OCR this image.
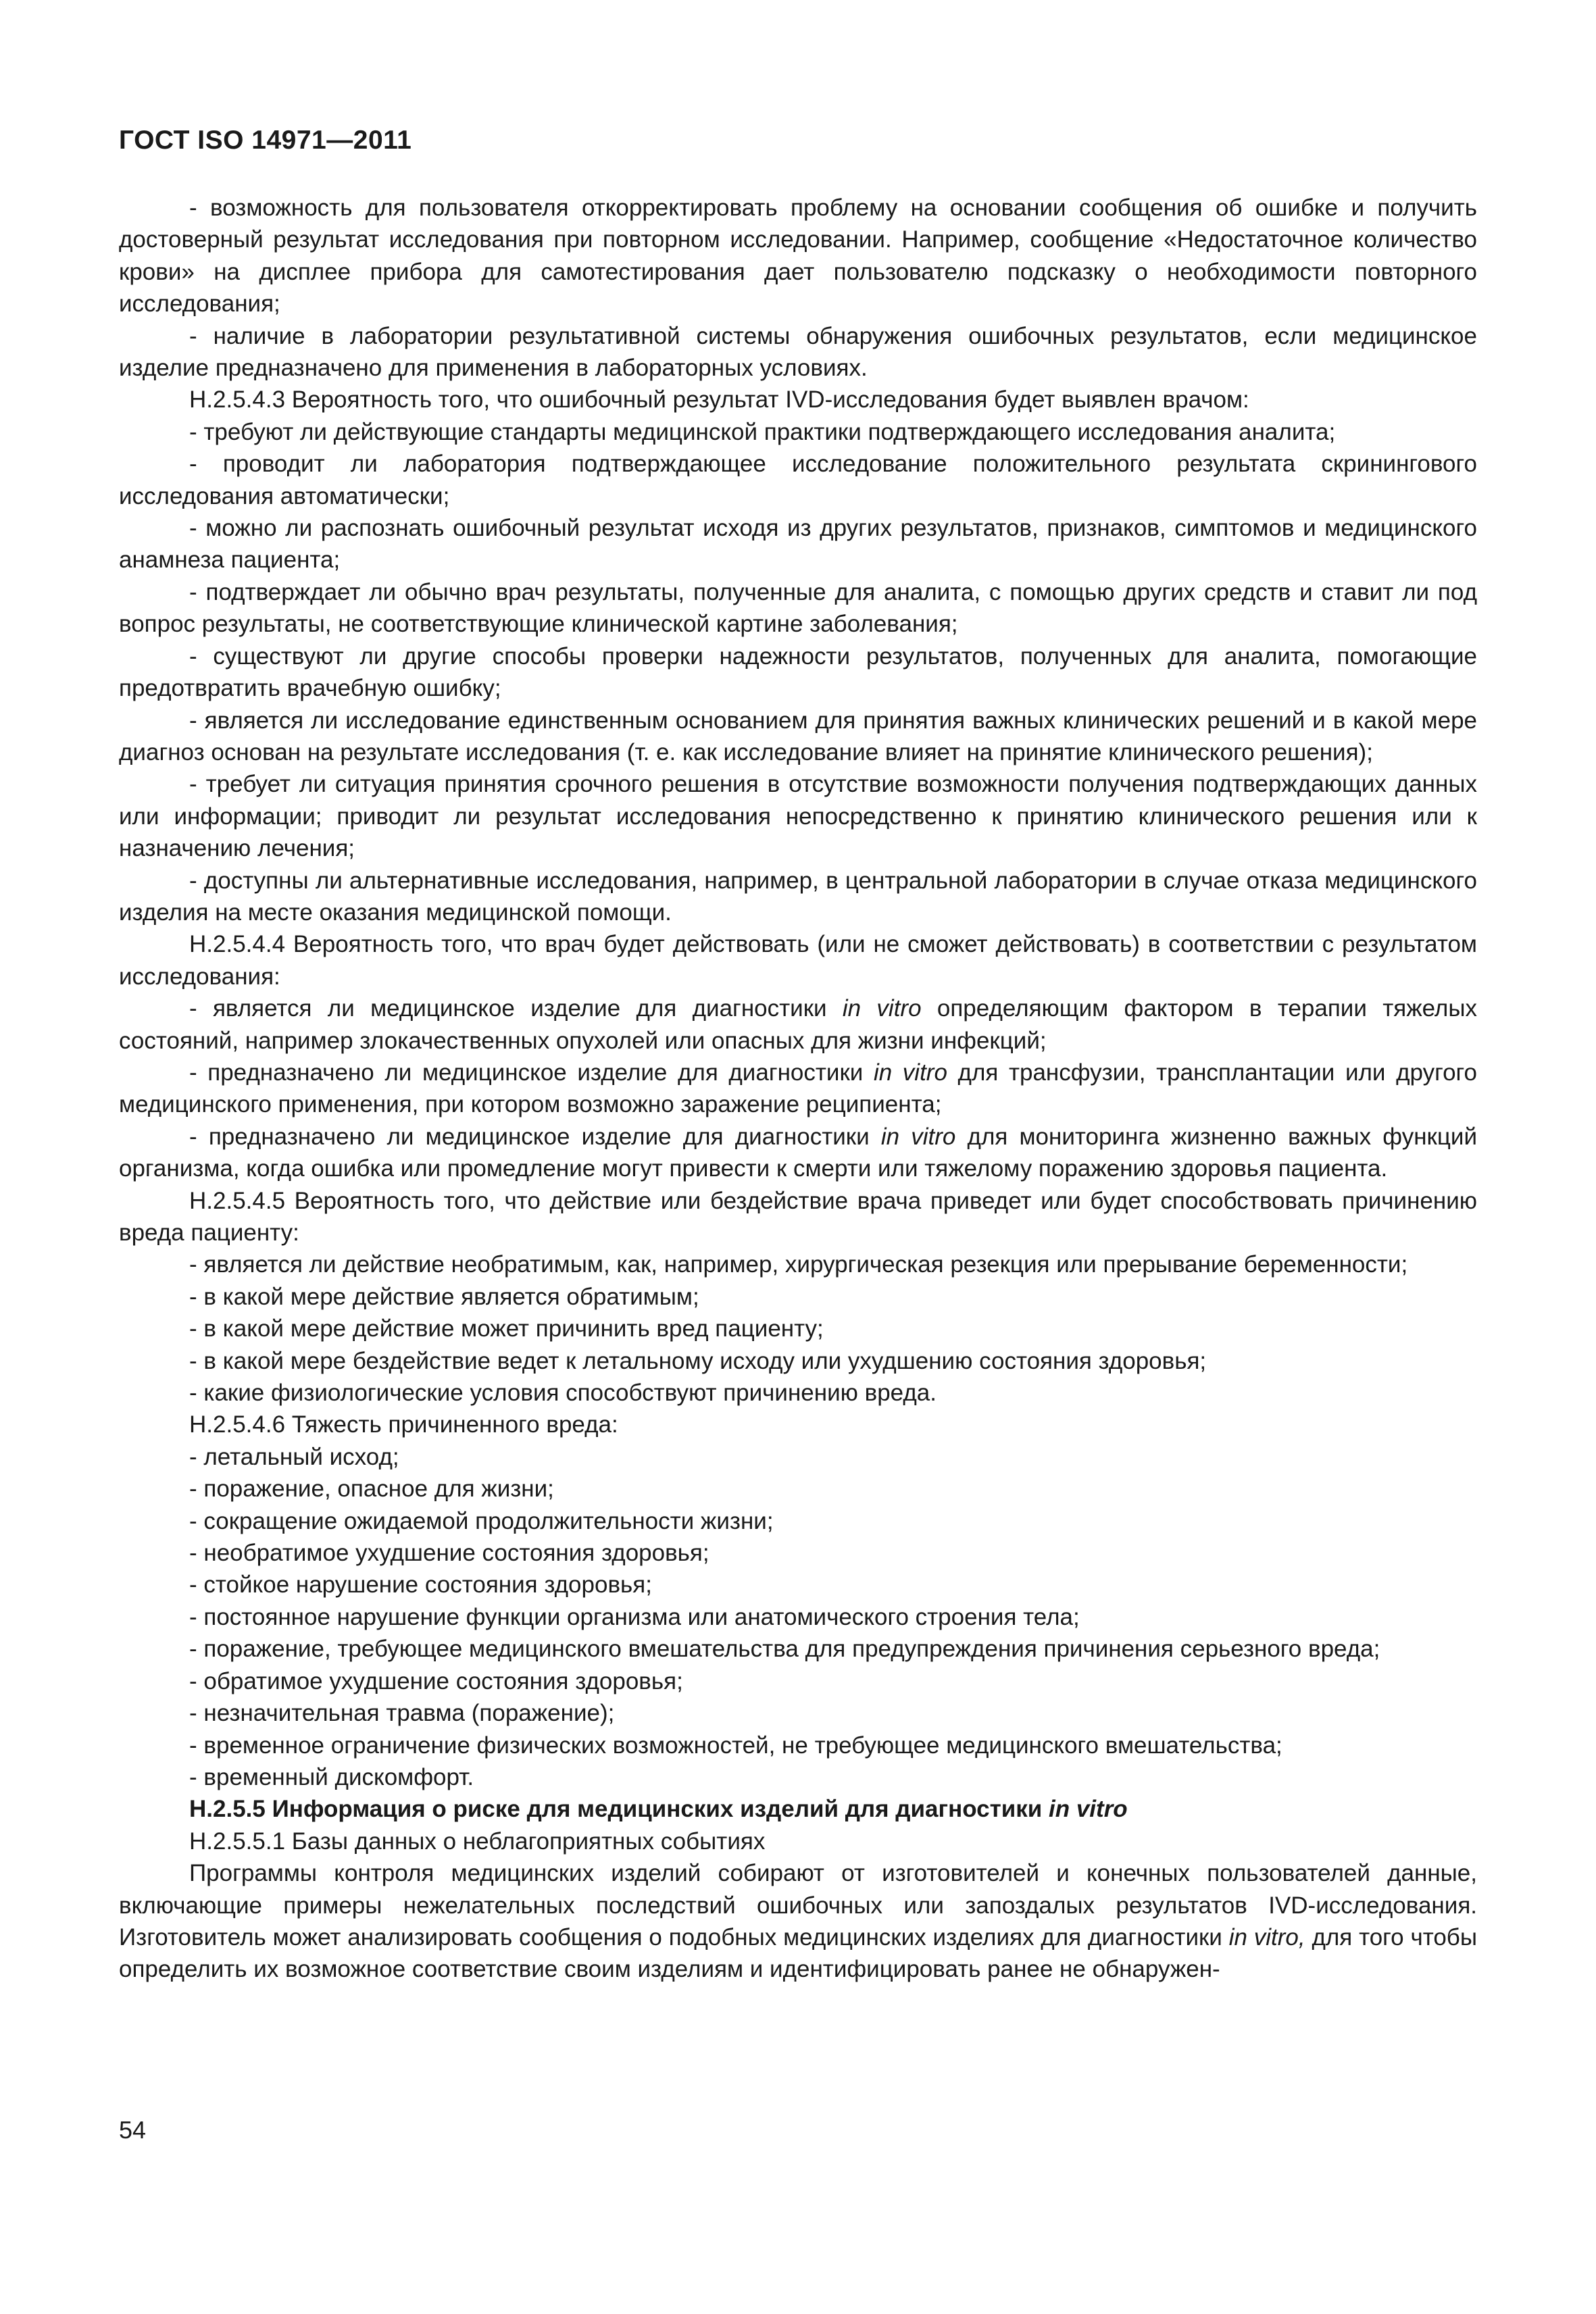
ГОСТ ISO 14971—2011

- возможность для пользователя откорректировать проблему на основании сообщения об ошибке и получить достоверный результат исследования при повторном исследовании. Например, сообщение «Недостаточное количество крови» на дисплее прибора для самотестирования дает пользователю подсказку о необходимости повторного исследования;

- наличие в лаборатории результативной системы обнаружения ошибочных результатов, если медицинское изделие предназначено для применения в лабораторных условиях.

Н.2.5.4.3 Вероятность того, что ошибочный результат IVD-исследования будет выявлен врачом:

- требуют ли действующие стандарты медицинской практики подтверждающего исследования аналита;

- проводит ли лаборатория подтверждающее исследование положительного результата скринингового исследования автоматически;

- можно ли распознать ошибочный результат исходя из других результатов, признаков, симптомов и медицинского анамнеза пациента;

- подтверждает ли обычно врач результаты, полученные для аналита, с помощью других средств и ставит ли под вопрос результаты, не соответствующие клинической картине заболевания;

- существуют ли другие способы проверки надежности результатов, полученных для аналита, помогающие предотвратить врачебную ошибку;

- является ли исследование единственным основанием для принятия важных клинических решений и в какой мере диагноз основан на результате исследования (т. е. как исследование влияет на принятие клинического решения);

- требует ли ситуация принятия срочного решения в отсутствие возможности получения подтверждающих данных или информации; приводит ли результат исследования непосредственно к принятию клинического решения или к назначению лечения;

- доступны ли альтернативные исследования, например, в центральной лаборатории в случае отказа медицинского изделия на месте оказания медицинской помощи.

Н.2.5.4.4 Вероятность того, что врач будет действовать (или не сможет действовать) в соответствии с результатом исследования:

- является ли медицинское изделие для диагностики in vitro определяющим фактором в терапии тяжелых состояний, например злокачественных опухолей или опасных для жизни инфекций;

- предназначено ли медицинское изделие для диагностики in vitro для трансфузии, трансплантации или другого медицинского применения, при котором возможно заражение реципиента;

- предназначено ли медицинское изделие для диагностики in vitro для мониторинга жизненно важных функций организма, когда ошибка или промедление могут привести к смерти или тяжелому поражению здоровья пациента.

Н.2.5.4.5 Вероятность того, что действие или бездействие врача приведет или будет способствовать причинению вреда пациенту:

- является ли действие необратимым, как, например, хирургическая резекция или прерывание беременности;

- в какой мере действие является обратимым;

- в какой мере действие может причинить вред пациенту;

- в какой мере бездействие ведет к летальному исходу или ухудшению состояния здоровья;

- какие физиологические условия способствуют причинению вреда.

Н.2.5.4.6 Тяжесть причиненного вреда:

- летальный исход;

- поражение, опасное для жизни;

- сокращение ожидаемой продолжительности жизни;

- необратимое ухудшение состояния здоровья;

- стойкое нарушение состояния здоровья;

- постоянное нарушение функции организма или анатомического строения тела;

- поражение, требующее медицинского вмешательства для предупреждения причинения серьезного вреда;

- обратимое ухудшение состояния здоровья;

- незначительная травма (поражение);

- временное ограничение физических возможностей, не требующее медицинского вмешательства;

- временный дискомфорт.

Н.2.5.5 Информация о риске для медицинских изделий для диагностики in vitro

Н.2.5.5.1 Базы данных о неблагоприятных событиях

Программы контроля медицинских изделий собирают от изготовителей и конечных пользователей данные, включающие примеры нежелательных последствий ошибочных или запоздалых результатов IVD-исследования. Изготовитель может анализировать сообщения о подобных медицинских изделиях для диагностики in vitro, для того чтобы определить их возможное соответствие своим изделиям и идентифицировать ранее не обнаружен-

54
